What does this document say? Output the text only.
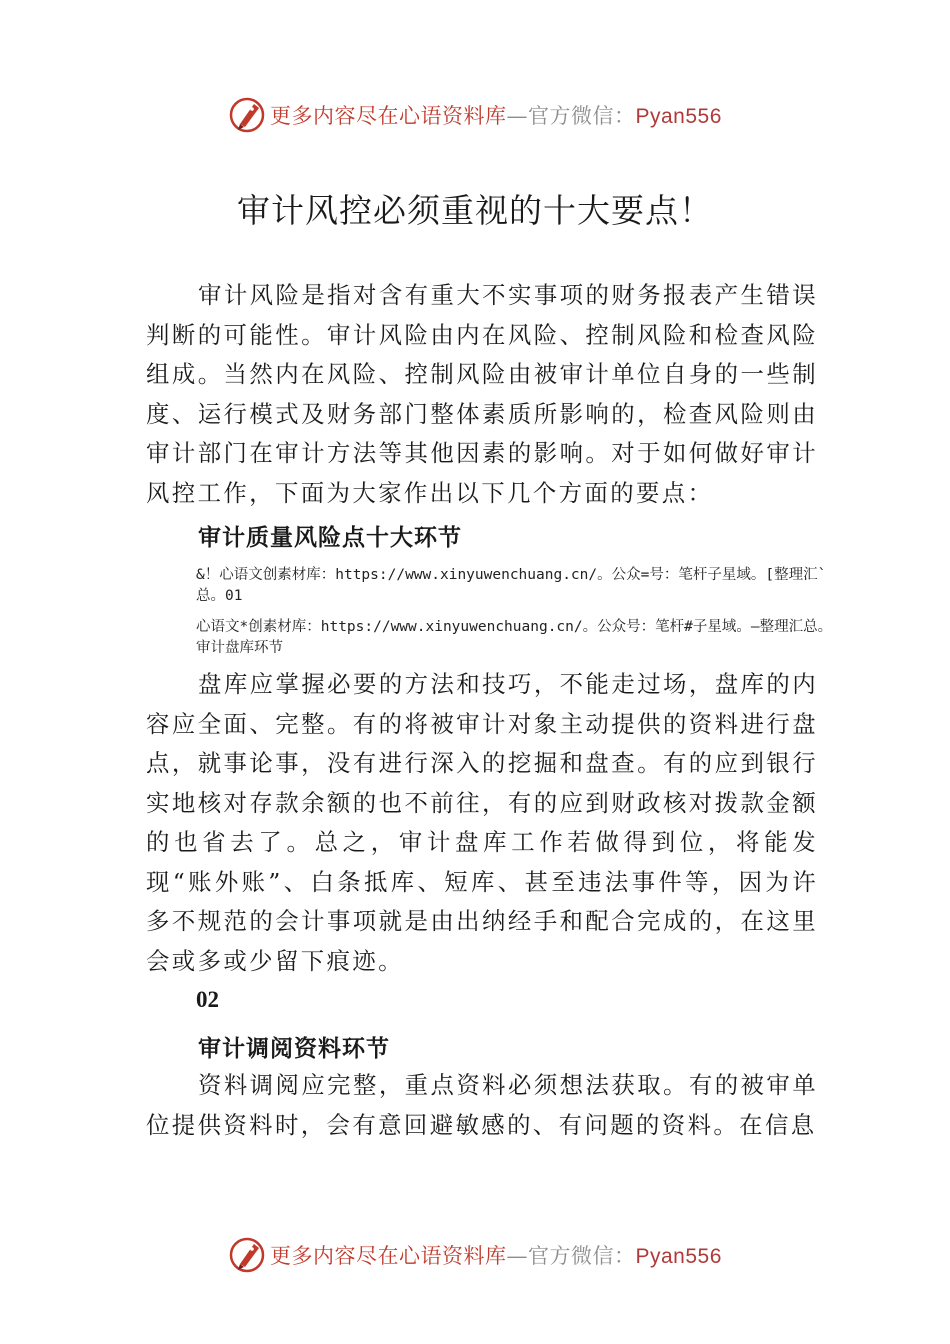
更多内容尽在心语资料库—官方微信：Pyan556
审计风控必须重视的十大要点！

审计风险是指对含有重大不实事项的财务报表产生错误判断的可能性。审计风险由内在风险、控制风险和检查风险组成。当然内在风险、控制风险由被审计单位自身的一些制度、运行模式及财务部门整体素质所影响的，检查风险则由审计部门在审计方法等其他因素的影响。对于如何做好审计风控工作，下面为大家作出以下几个方面的要点：

审计质量风险点十大环节

&！心语文创素材库：https://www.xinyuwenchuang.cn/。公众=号：笔杆子星域。[整理汇`总。01

心语文*创素材库：https://www.xinyuwenchuang.cn/。公众号：笔杆#子星域。—整理汇总。审计盘库环节

盘库应掌握必要的方法和技巧，不能走过场，盘库的内容应全面、完整。有的将被审计对象主动提供的资料进行盘点，就事论事，没有进行深入的挖掘和盘查。有的应到银行实地核对存款余额的也不前往，有的应到财政核对拨款金额的也省去了。总之，审计盘库工作若做得到位，将能发现“账外账”、白条抵库、短库、甚至违法事件等，因为许多不规范的会计事项就是由出纳经手和配合完成的，在这里会或多或少留下痕迹。

02
审计调阅资料环节

资料调阅应完整，重点资料必须想法获取。有的被审单位提供资料时，会有意回避敏感的、有问题的资料。在信息

更多内容尽在心语资料库—官方微信：Pyan556
